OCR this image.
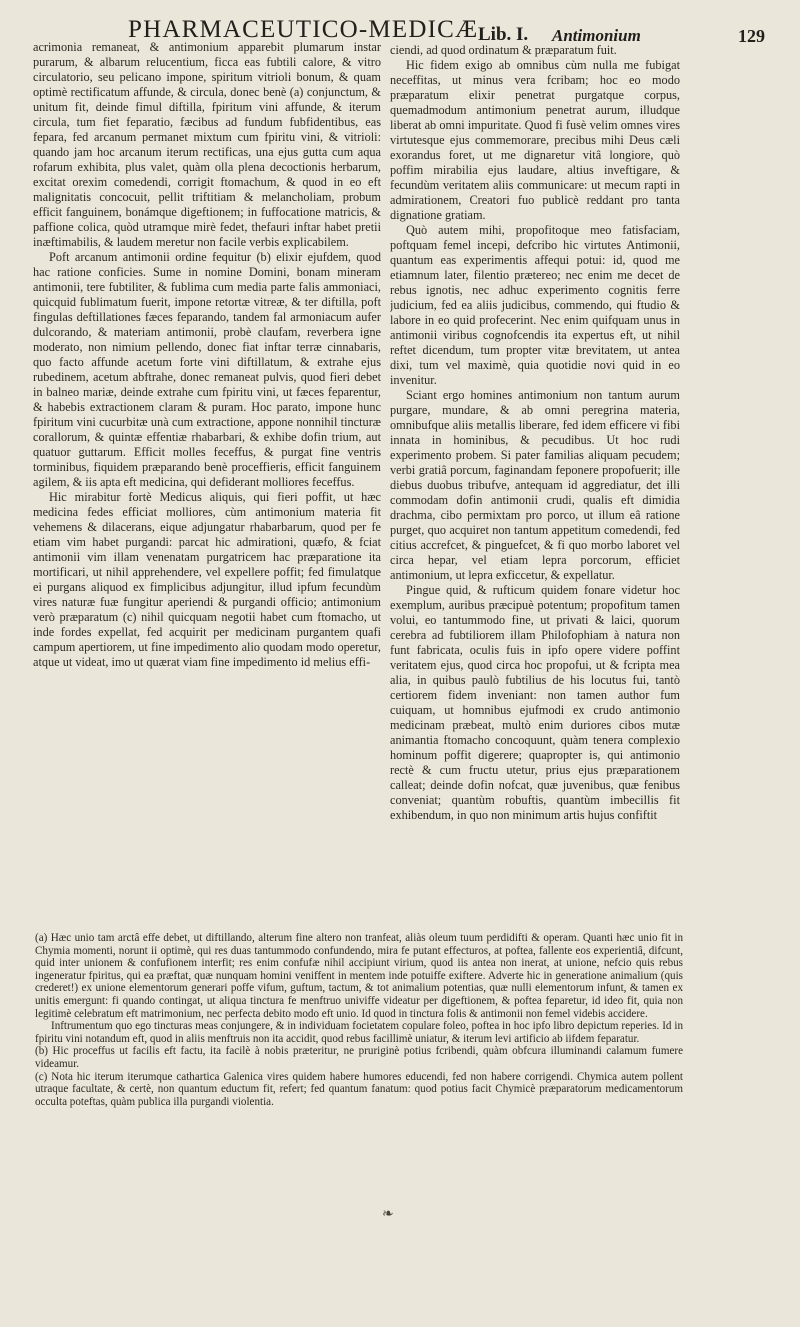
PHARMACEUTICO-MEDICÆ Lib. I. Antimonium	129

acrimonia remaneat, & antimonium apparebit plumarum instar purarum, & albarum relucentium, ficca eas fubtili calore, & vitro circulatorio, seu pelicano impone, spiritum vitrioli bonum, & quam optimè rectificatum affunde, & circula, donec benè (a) conjunctum, & unitum fit, deinde fimul diftilla, fpiritum vini affunde, & iterum circula, tum fiet feparatio, fæcibus ad fundum fubfidentibus, eas fepara, fed arcanum permanet mixtum cum fpiritu vini, & vitrioli: quando jam hoc arcanum iterum rectificas, una ejus gutta cum aqua rofarum exhibita, plus valet, quàm olla plena decoctionis herbarum, excitat orexim comedendi, corrigit ftomachum, & quod in eo eft malignitatis concocuit, pellit triftitiam & melancholiam, probum efficit fanguinem, bonámque digeftionem; in fuffocatione matricis, & paffione colica, quòd utramque mirè fedet, thefauri inftar habet pretii inæftimabilis, & laudem meretur non facile verbis explicabilem.

Poft arcanum antimonii ordine fequitur (b) elixir ejufdem, quod hac ratione conficies. Sume in nomine Domini, bonam mineram antimonii, tere fubtiliter, & fublima cum media parte falis ammoniaci, quicquid fublimatum fuerit, impone retortæ vitreæ, & ter diftilla, poft fingulas deftillationes fæces feparando, tandem fal armoniacum aufer dulcorando, & materiam antimonii, probè claufam, reverbera igne moderato, non nimium pellendo, donec fiat inftar terræ cinnabaris, quo facto affunde acetum forte vini diftillatum, & extrahe ejus rubedinem, acetum abftrahe, donec remaneat pulvis, quod fieri debet in balneo mariæ, deinde extrahe cum fpiritu vini, ut fæces feparentur, & habebis extractionem claram & puram. Hoc parato, impone hunc fpiritum vini cucurbitæ unà cum extractione, appone nonnihil tincturæ corallorum, & quintæ effentiæ rhabarbari, & exhibe dofin trium, aut quatuor guttarum. Efficit molles feceffus, & purgat fine ventris torminibus, fiquidem præparando benè proceffieris, efficit fanguinem agilem, & iis apta eft medicina, qui defiderant molliores feceffus.

Hic mirabitur fortè Medicus aliquis, qui fieri poffit, ut hæc medicina fedes efficiat molliores, cùm antimonium materia fit vehemens & dilacerans, eique adjungatur rhabarbarum, quod per fe etiam vim habet purgandi: parcat hic admirationi, quæfo, & fciat antimonii vim illam venenatam purgatricem hac præparatione ita mortificari, ut nihil apprehendere, vel expellere poffit; fed fimulatque ei purgans aliquod ex fimplicibus adjungitur, illud ipfum fecundùm vires naturæ fuæ fungitur aperiendi & purgandi officio; antimonium verò præparatum (c) nihil quicquam negotii habet cum ftomacho, ut inde fordes expellat, fed acquirit per medicinam purgantem quafi campum apertiorem, ut fine impedimento alio quodam modo operetur, atque ut videat, imo ut quærat viam fine impedimento id melius effi-

ciendi, ad quod ordinatum & præparatum fuit.

Hic fidem exigo ab omnibus cùm nulla me fubigat neceffitas, ut minus vera fcribam; hoc eo modo præparatum elixir penetrat purgatque corpus, quemadmodum antimonium penetrat aurum, illudque liberat ab omni impuritate. Quod fi fusè velim omnes vires virtutesque ejus commemorare, precibus mihi Deus cæli exorandus foret, ut me dignaretur vitâ longiore, quò poffim mirabilia ejus laudare, altius inveftigare, & fecundùm veritatem aliis communicare: ut mecum rapti in admirationem, Creatori fuo publicè reddant pro tanta dignatione gratiam.

Quò autem mihi, propofitoque meo fatisfaciam, poftquam femel incepi, defcribo hic virtutes Antimonii, quantum eas experimentis affequi potui: id, quod me etiamnum later, filentio prætereo; nec enim me decet de rebus ignotis, nec adhuc experimento cognitis ferre judicium, fed ea aliis judicibus, commendo, qui ftudio & labore in eo quid profecerint. Nec enim quifquam unus in antimonii viribus cognofcendis ita expertus eft, ut nihil reftet dicendum, tum propter vitæ brevitatem, ut antea dixi, tum vel maximè, quia quotidie novi quid in eo invenitur.

Sciant ergo homines antimonium non tantum aurum purgare, mundare, & ab omni peregrina materia, omnibufque aliis metallis liberare, fed idem efficere vi fibi innata in hominibus, & pecudibus. Ut hoc rudi experimento probem. Si pater familias aliquam pecudem; verbi gratiâ porcum, faginandam feponere propofuerit; ille diebus duobus tribufve, antequam id aggrediatur, det illi commodam dofin antimonii crudi, qualis eft dimidia drachma, cibo permixtam pro porco, ut illum eâ ratione purget, quo acquiret non tantum appetitum comedendi, fed citius accrefcet, & pinguefcet, & fi quo morbo laboret vel circa hepar, vel etiam lepra porcorum, efficiet antimonium, ut lepra exficcetur, & expellatur.

Pingue quid, & rufticum quidem fonare videtur hoc exemplum, auribus præcipuè potentum; propofitum tamen volui, eo tantummodo fine, ut privati & laici, quorum cerebra ad fubtiliorem illam Philofophiam à natura non funt fabricata, oculis fuis in ipfo opere videre poffint veritatem ejus, quod circa hoc propofui, ut & fcripta mea alia, in quibus paulò fubtilius de his locutus fui, tantò certiorem fidem inveniant: non tamen author fum cuiquam, ut homnibus ejufmodi ex crudo antimonio medicinam præbeat, multò enim duriores cibos mutæ animantia ftomacho concoquunt, quàm tenera complexio hominum poffit digerere; quapropter is, qui antimonio rectè & cum fructu utetur, prius ejus præparationem calleat; deinde dofin nofcat, quæ juvenibus, quæ fenibus conveniat; quantùm robuftis, quantùm imbecillis fit exhibendum, in quo non minimum artis hujus confiftit

(a) Hæc unio tam arctâ effe debet, ut diftillando, alterum fine altero non tranfeat, aliàs oleum tuum perdidifti & operam. Quanti hæc unio fit in Chymia momenti, norunt ii optimè, qui res duas tantummodo confundendo, mira fe putant effecturos, at poftea, fallente eos experientiâ, difcunt, quid inter unionem & confufionem interfit; res enim confufæ nihil accipiunt virium, quod iis antea non inerat, at unione, nefcio quis rebus ingeneratur fpiritus, qui ea præftat, quæ nunquam homini veniffent in mentem inde potuiffe exiftere. Adverte hic in generatione animalium (quis crederet!) ex unione elementorum generari poffe vifum, guftum, tactum, & tot animalium potentias, quæ nulli elementorum infunt, & tamen ex unitis emergunt: fi quando contingat, ut aliqua tinctura fe menftruo univiffe videatur per digeftionem, & poftea feparetur, id ideo fit, quia non legitimè celebratum eft matrimonium, nec perfecta debito modo eft unio. Id quod in tinctura folis & antimonii non femel videbis accidere.

Inftrumentum quo ego tincturas meas conjungere, & in individuam focietatem copulare foleo, poftea in hoc ipfo libro depictum reperies. Id in fpiritu vini notandum eft, quod in aliis menftruis non ita accidit, quod rebus facillimè uniatur, & iterum levi artificio ab iifdem feparatur.

(b) Hic proceffus ut facilis eft factu, ita facilè à nobis præteritur, ne pruriginè potius fcribendi, quàm obfcura illuminandi calamum fumere videamur.

(c) Nota hic iterum iterumque cathartica Galenica vires quidem habere humores educendi, fed non habere corrigendi. Chymica autem pollent utraque facultate, & certè, non quantum eductum fit, refert; fed quantum fanatum: quod potius facit Chymicè præparatorum medicamentorum occulta poteftas, quàm publica illa purgandi violentia.

❧
